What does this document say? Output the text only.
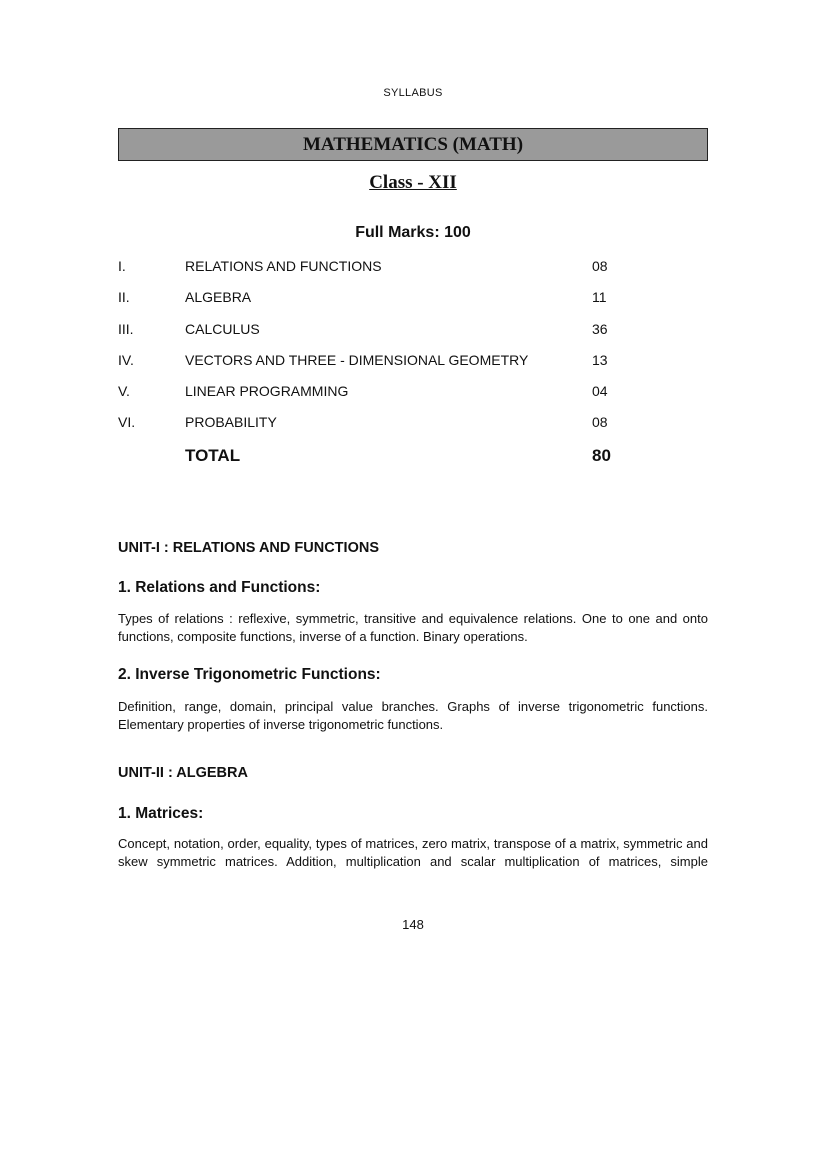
SYLLABUS
MATHEMATICS (MATH)
Class - XII
Full Marks: 100
I.	RELATIONS AND FUNCTIONS	08
II.	ALGEBRA	11
III.	CALCULUS	36
IV.	VECTORS AND THREE - DIMENSIONAL GEOMETRY	13
V.	LINEAR PROGRAMMING	04
VI.	PROBABILITY	08
TOTAL	80
UNIT-I : RELATIONS AND FUNCTIONS
1. Relations and Functions:
Types of relations : reflexive, symmetric, transitive and equivalence relations. One to one and onto functions, composite functions, inverse of a function. Binary operations.
2. Inverse Trigonometric Functions:
Definition, range, domain, principal value branches. Graphs of inverse trigonometric functions. Elementary properties of inverse trigonometric functions.
UNIT-II : ALGEBRA
1. Matrices:
Concept, notation, order, equality, types of matrices, zero matrix, transpose of a matrix, symmetric and skew symmetric matrices. Addition, multiplication and scalar multiplication of matrices, simple
148
